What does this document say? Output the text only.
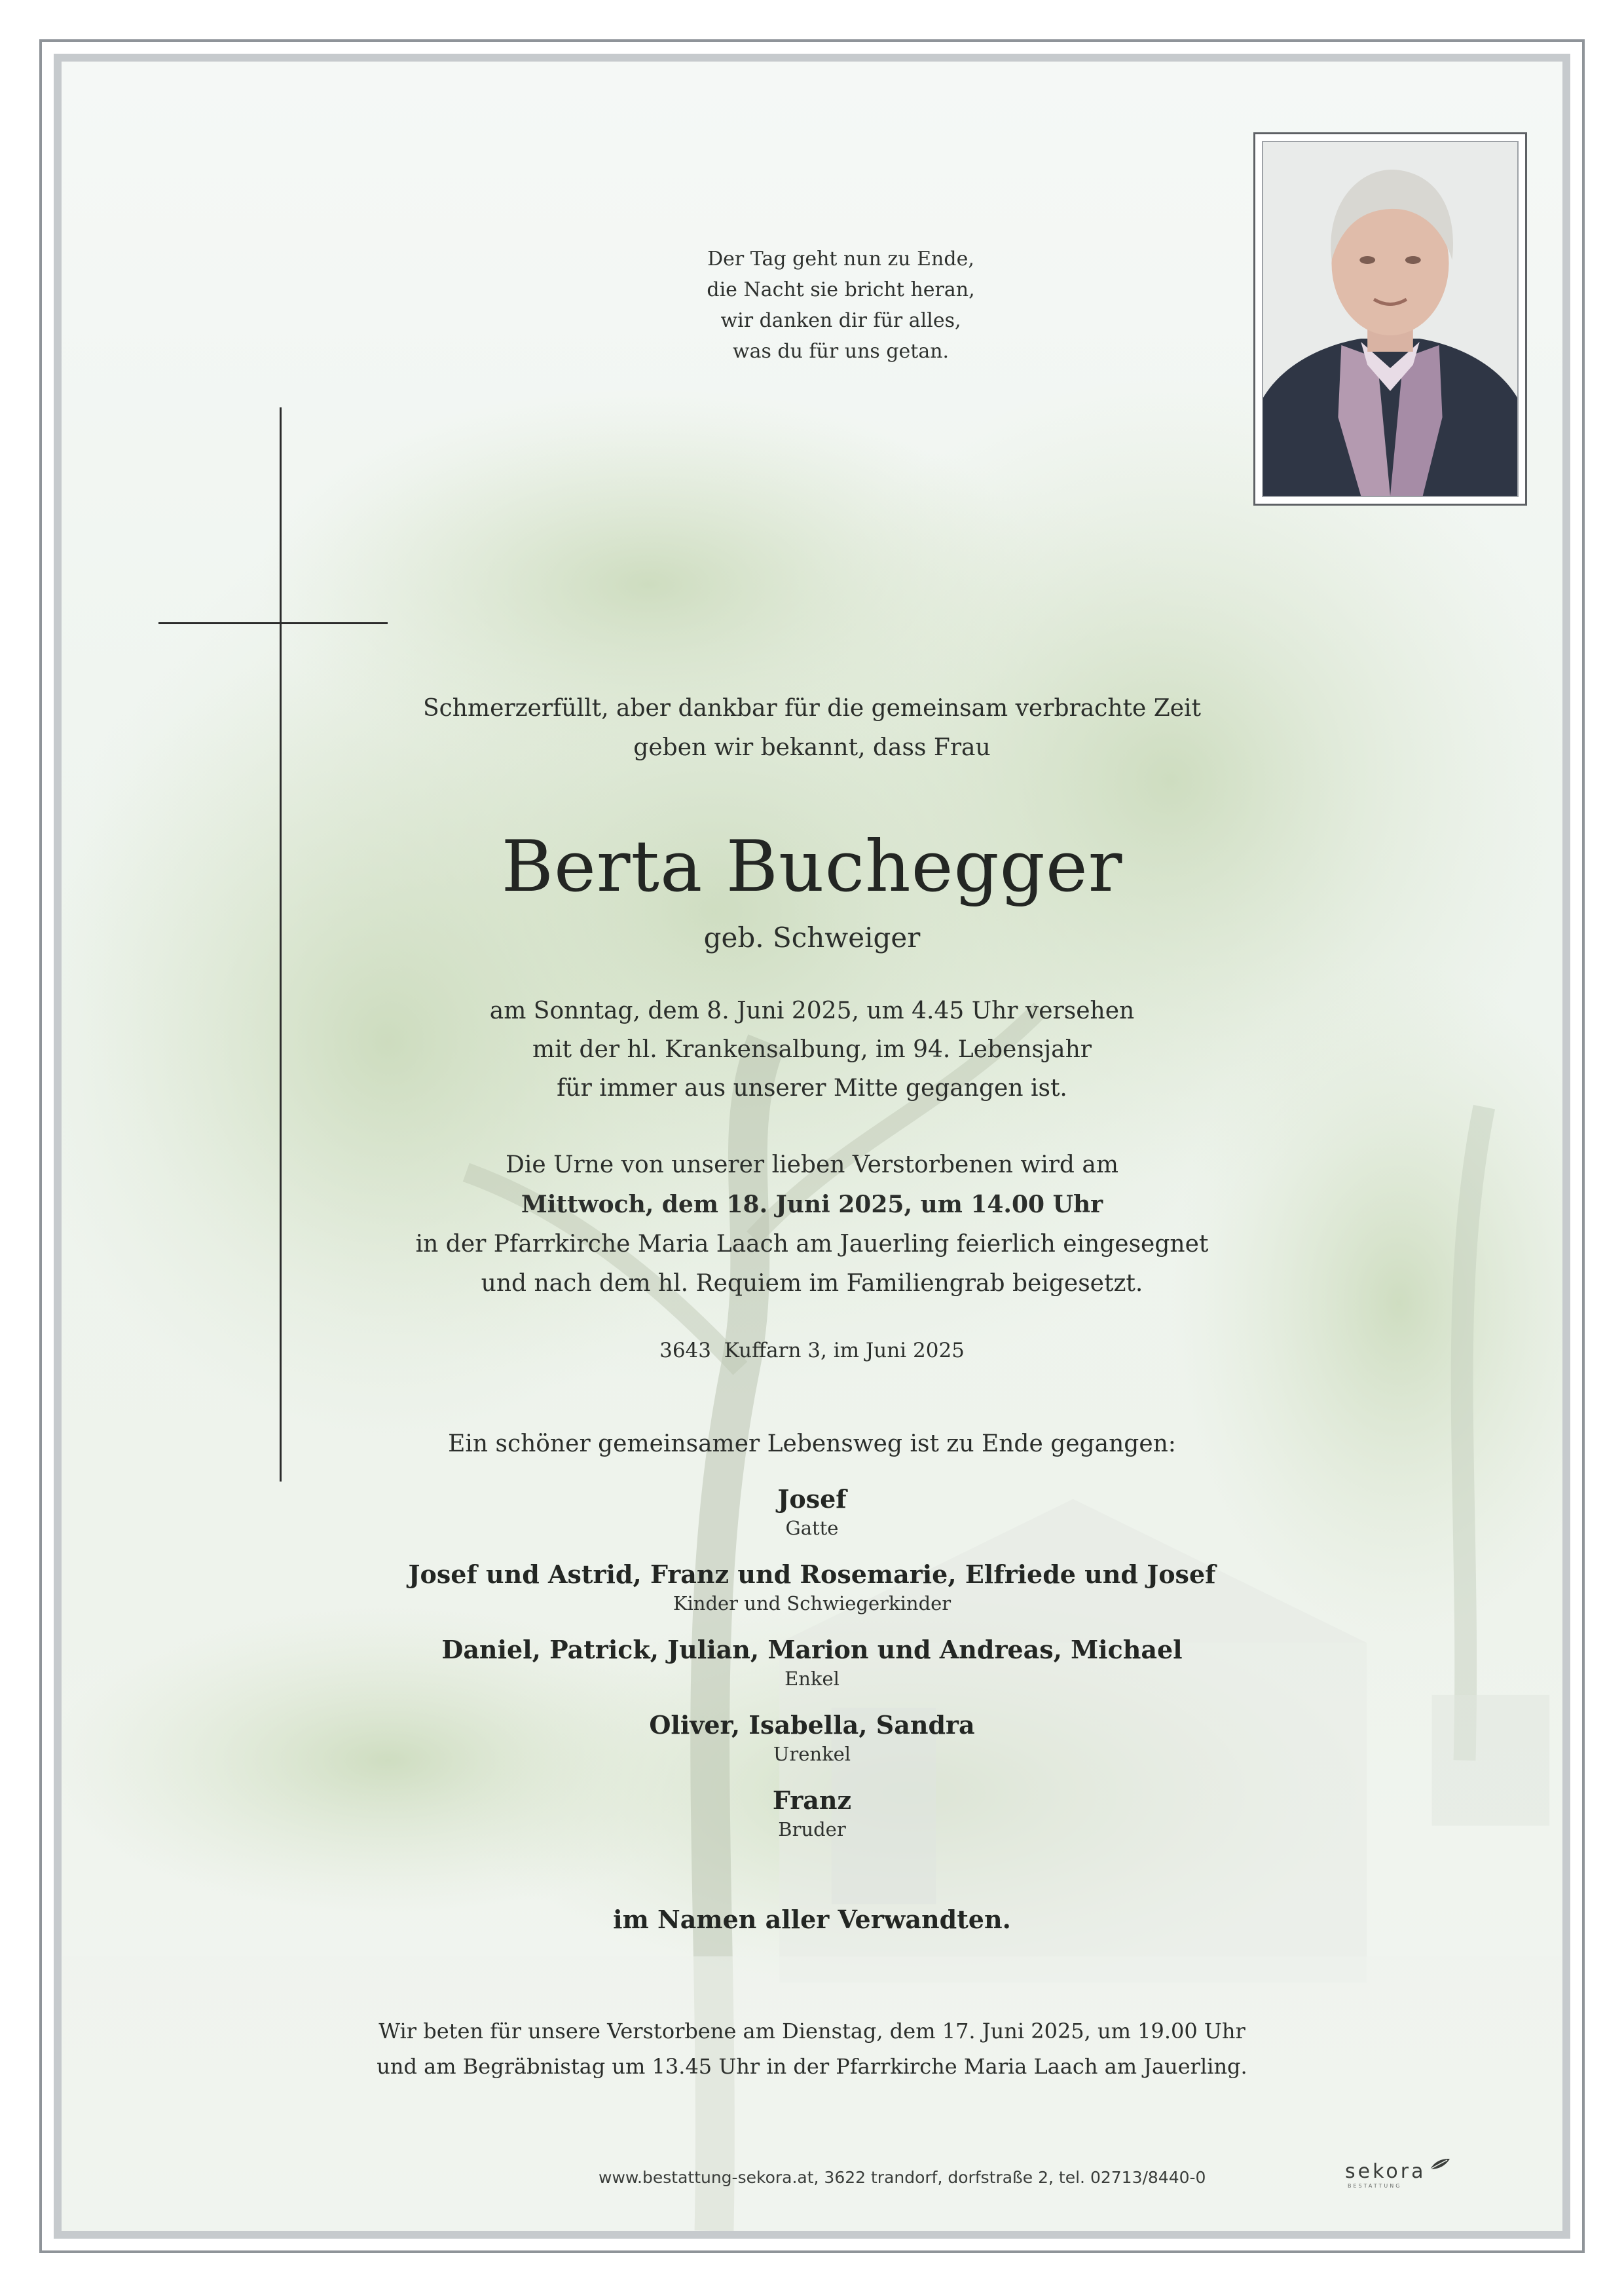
Der Tag geht nun zu Ende,
die Nacht sie bricht heran,
wir danken dir für alles,
was du für uns getan.
Schmerzerfüllt, aber dankbar für die gemeinsam verbrachte Zeit
geben wir bekannt, dass Frau
Berta Buchegger
geb. Schweiger
am Sonntag, dem 8. Juni 2025, um 4.45 Uhr versehen
mit der hl. Krankensalbung, im 94. Lebensjahr
für immer aus unserer Mitte gegangen ist.
Die Urne von unserer lieben Verstorbenen wird am
Mittwoch, dem 18. Juni 2025, um 14.00 Uhr
in der Pfarrkirche Maria Laach am Jauerling feierlich eingesegnet
und nach dem hl. Requiem im Familiengrab beigesetzt.
3643  Kuffarn 3, im Juni 2025
Ein schöner gemeinsamer Lebensweg ist zu Ende gegangen:
Josef
Gatte
Josef und Astrid, Franz und Rosemarie, Elfriede und Josef
Kinder und Schwiegerkinder
Daniel, Patrick, Julian, Marion und Andreas, Michael
Enkel
Oliver, Isabella, Sandra
Urenkel
Franz
Bruder
im Namen aller Verwandten.
Wir beten für unsere Verstorbene am Dienstag, dem 17. Juni 2025, um 19.00 Uhr
und am Begräbnistag um 13.45 Uhr in der Pfarrkirche Maria Laach am Jauerling.
www.bestattung-sekora.at, 3622 trandorf, dorfstraße 2, tel. 02713/8440-0	sekora
BESTATTUNG
